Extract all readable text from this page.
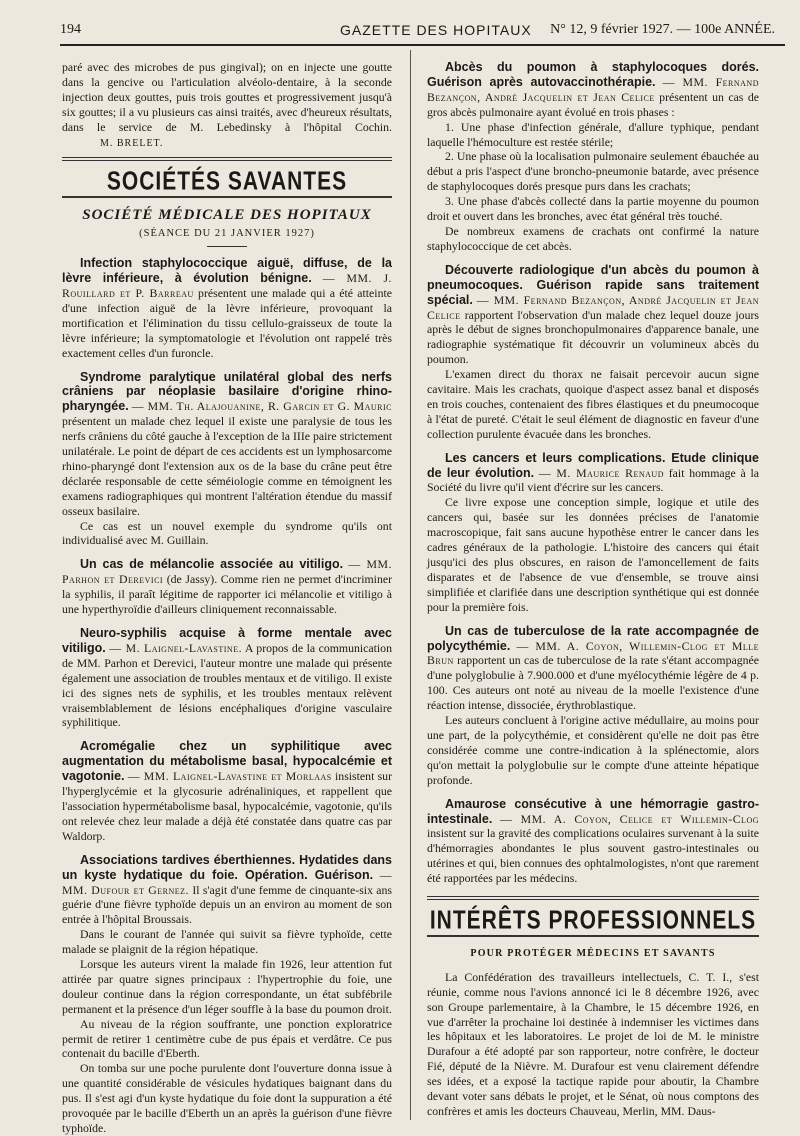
194	GAZETTE DES HOPITAUX N° 12, 9 février 1927. — 100e ANNÉE.

paré avec des microbes de pus gingival); on en injecte une goutte dans la gencive ou l'articulation alvéolo-dentaire, à la seconde injection deux gouttes, puis trois gouttes et progressivement jusqu'à six gouttes; il a vu plusieurs cas ainsi traités, avec d'heureux résultats, dans le service de M. Lebedinsky à l'hôpital Cochin.M. BRELET.

SOCIÉTÉS SAVANTES
SOCIÉTÉ MÉDICALE DES HOPITAUX
(SÉANCE DU 21 JANVIER 1927)

Infection staphylococcique aiguë, diffuse, de la lèvre inférieure, à évolution bénigne. — MM. J. Rouillard et P. Barreau présentent une malade qui a été atteinte d'une infection aiguë de la lèvre inférieure, provoquant la mortification et l'élimination du tissu cellulo-graisseux de toute la lèvre inférieure; la symptomatologie et l'évolution ont rappelé très exactement celles d'un furoncle.

Syndrome paralytique unilatéral global des nerfs crâniens par néoplasie basilaire d'origine rhino-pharyngée. — MM. Th. Alajouanine, R. Garcin et G. Mauric présentent un malade chez lequel il existe une paralysie de tous les nerfs crâniens du côté gauche à l'exception de la IIIe paire strictement unilatérale. Le point de départ de ces accidents est un lymphosarcome rhino-pharyngé dont l'extension aux os de la base du crâne peut être déclarée responsable de cette séméiologie comme en témoignent les examens radiographiques qui montrent l'altération étendue du massif osseux basilaire.

Ce cas est un nouvel exemple du syndrome qu'ils ont individualisé avec M. Guillain.

Un cas de mélancolie associée au vitiligo. — MM. Parhon et Derevici (de Jassy). Comme rien ne permet d'incriminer la syphilis, il paraît légitime de rapporter ici mélancolie et vitiligo à une hyperthyroïdie d'ailleurs cliniquement reconnaissable.

Neuro-syphilis acquise à forme mentale avec vitiligo. — M. Laignel-Lavastine. A propos de la communication de MM. Parhon et Derevici, l'auteur montre une malade qui présente également une association de troubles mentaux et de vitiligo. Il existe ici des signes nets de syphilis, et les troubles mentaux relèvent vraisemblablement de lésions encéphaliques d'origine vasculaire syphilitique.

Acromégalie chez un syphilitique avec augmentation du métabolisme basal, hypocalcémie et vagotonie. — MM. Laignel-Lavastine et Morlaas insistent sur l'hyperglycémie et la glycosurie adrénaliniques, et rappellent que l'association hypermétabolisme basal, hypocalcémie, vagotonie, qu'ils ont relevée chez leur malade a déjà été constatée dans quatre cas par Waldorp.

Associations tardives éberthiennes. Hydatides dans un kyste hydatique du foie. Opération. Guérison. — MM. Dufour et Gernez. Il s'agit d'une femme de cinquante-six ans guérie d'une fièvre typhoïde depuis un an environ au moment de son entrée à l'hôpital Broussais.

Dans le courant de l'année qui suivit sa fièvre typhoïde, cette malade se plaignit de la région hépatique.

Lorsque les auteurs virent la malade fin 1926, leur attention fut attirée par quatre signes principaux : l'hypertrophie du foie, une douleur continue dans la région correspondante, un état subfébrile permanent et la présence d'un léger souffle à la base du poumon droit.

Au niveau de la région souffrante, une ponction exploratrice permit de retirer 1 centimètre cube de pus épais et verdâtre. Ce pus contenait du bacille d'Eberth.

On tomba sur une poche purulente dont l'ouverture donna issue à une quantité considérable de vésicules hydatiques baignant dans du pus. Il s'est agi d'un kyste hydatique du foie dont la suppuration a été provoquée par le bacille d'Eberth un an après la guérison d'une fièvre typhoïde.

Abcès du poumon à staphylocoques dorés. Guérison après autovaccinothérapie. — MM. Fernand Bezançon, André Jacquelin et Jean Celice présentent un cas de gros abcès pulmonaire ayant évolué en trois phases :

1. Une phase d'infection générale, d'allure typhique, pendant laquelle l'hémoculture est restée stérile;

2. Une phase où la localisation pulmonaire seulement ébauchée au début a pris l'aspect d'une broncho-pneumonie batarde, avec présence de staphylocoques dorés presque purs dans les crachats;

3. Une phase d'abcès collecté dans la partie moyenne du poumon droit et ouvert dans les bronches, avec état général très touché.

De nombreux examens de crachats ont confirmé la nature staphylococcique de cet abcès.

Découverte radiologique d'un abcès du poumon à pneumocoques. Guérison rapide sans traitement spécial. — MM. Fernand Bezançon, André Jacquelin et Jean Celice rapportent l'observation d'un malade chez lequel douze jours après le début de signes bronchopulmonaires d'apparence banale, une radiographie systématique fit découvrir un volumineux abcès du poumon.

L'examen direct du thorax ne faisait percevoir aucun signe cavitaire. Mais les crachats, quoique d'aspect assez banal et disposés en trois couches, contenaient des fibres élastiques et du pneumocoque à l'état de pureté. C'était le seul élément de diagnostic en faveur d'une collection purulente évacuée dans les bronches.

Les cancers et leurs complications. Etude clinique de leur évolution. — M. Maurice Renaud fait hommage à la Société du livre qu'il vient d'écrire sur les cancers.

Ce livre expose une conception simple, logique et utile des cancers qui, basée sur les données précises de l'anatomie macroscopique, fait sans aucune hypothèse entrer le cancer dans les cadres généraux de la pathologie. L'histoire des cancers qui était jusqu'ici des plus obscures, en raison de l'amoncellement de faits disparates et de l'absence de vue d'ensemble, se trouve ainsi simplifiée et clarifiée dans une description synthétique qui est donnée pour la première fois.

Un cas de tuberculose de la rate accompagnée de polycythémie. — MM. A. Coyon, Willemin-Clog et Mlle Brun rapportent un cas de tuberculose de la rate s'étant accompagnée d'une polyglobulie à 7.900.000 et d'une myélocythémie légère de 4 p. 100. Ces auteurs ont noté au niveau de la moelle l'existence d'une réaction intense, dissociée, érythroblastique.

Les auteurs concluent à l'origine active médullaire, au moins pour une part, de la polycythémie, et considèrent qu'elle ne doit pas être considérée comme une contre-indication à la splénectomie, alors qu'on mettait la polyglobulie sur le compte d'une atteinte hépatique profonde.

Amaurose consécutive à une hémorragie gastro-intestinale. — MM. A. Coyon, Celice et Willemin-Clog insistent sur la gravité des complications oculaires survenant à la suite d'hémorragies abondantes le plus souvent gastro-intestinales ou utérines et qui, bien connues des ophtalmologistes, n'ont que rarement été rapportées par les médecins.

INTÉRÊTS PROFESSIONNELS
POUR PROTÉGER MÉDECINS ET SAVANTS

La Confédération des travailleurs intellectuels, C. T. I., s'est réunie, comme nous l'avions annoncé ici le 8 décembre 1926, avec son Groupe parlementaire, à la Chambre, le 15 décembre 1926, en vue d'arrêter la prochaine loi destinée à indemniser les victimes dans les hôpitaux et les laboratoires. Le projet de loi de M. le ministre Durafour a été adopté par son rapporteur, notre confrère, le docteur Fié, député de la Nièvre. M. Durafour est venu clairement défendre ses idées, et a exposé la tactique rapide pour aboutir, la Chambre devant voter sans débats le projet, et le Sénat, où nous comptons des confrères et amis les docteurs Chauveau, Merlin, MM. Daus-
